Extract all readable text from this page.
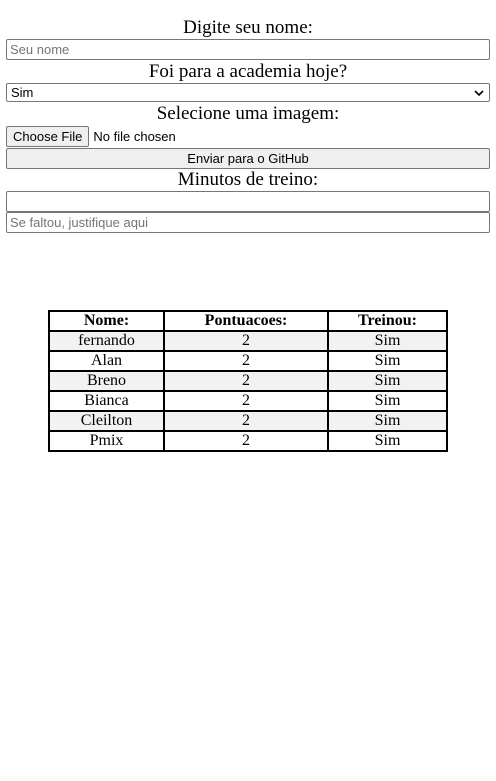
Digite seu nome:
Seu nome
Foi para a academia hoje?
Sim
Selecione uma imagem:
Choose File No file chosen
Enviar para o GitHub
Minutos de treino:
Se faltou, justifique aqui
Nome:	Pontuacoes:	Treinou:
fernando	2	Sim
Alan	2	Sim
Breno	2	Sim
Bianca	2	Sim
Cleilton	2	Sim
Pmix	2	Sim
